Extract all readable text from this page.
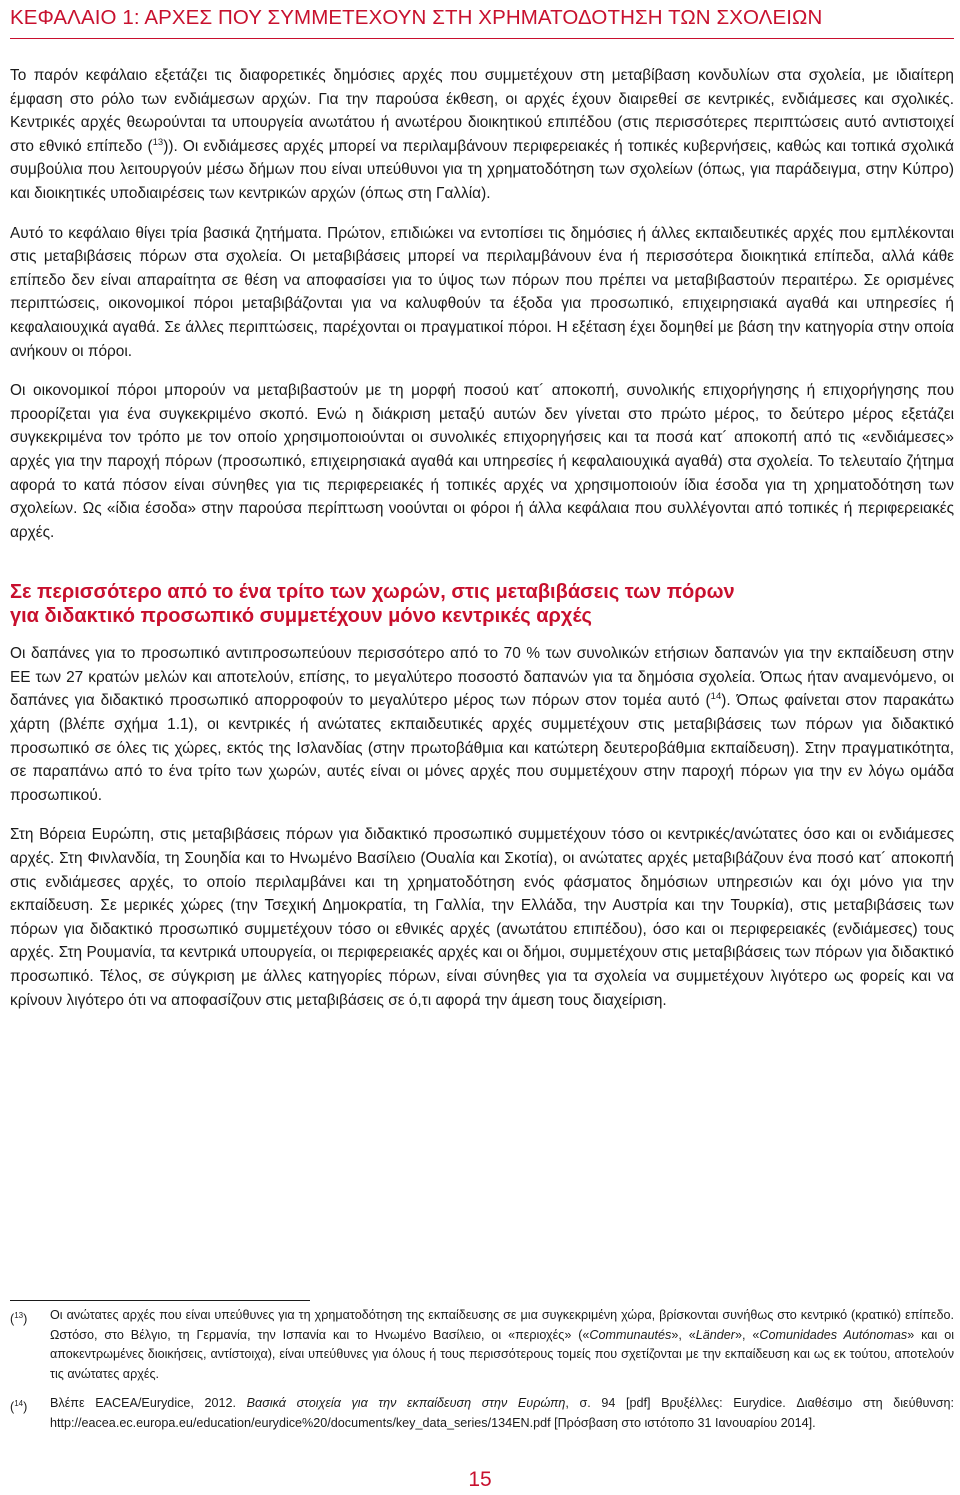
ΚΕΦΑΛΑΙΟ 1: ΑΡΧΕΣ ΠΟΥ ΣΥΜΜΕΤΕΧΟΥΝ ΣΤΗ ΧΡΗΜΑΤΟΔΟΤΗΣΗ ΤΩΝ ΣΧΟΛΕΙΩΝ

Το παρόν κεφάλαιο εξετάζει τις διαφορετικές δημόσιες αρχές που συμμετέχουν στη μεταβίβαση κονδυλίων στα σχολεία, με ιδιαίτερη έμφαση στο ρόλο των ενδιάμεσων αρχών. Για την παρούσα έκθεση, οι αρχές έχουν διαιρεθεί σε κεντρικές, ενδιάμεσες και σχολικές. Κεντρικές αρχές θεωρούνται τα υπουργεία ανωτάτου ή ανωτέρου διοικητικού επιπέδου (στις περισσότερες περιπτώσεις αυτό αντιστοιχεί στο εθνικό επίπεδο ($^{13}$)). Οι ενδιάμεσες αρχές μπορεί να περιλαμβάνουν περιφερειακές ή τοπικές κυβερνήσεις, καθώς και τοπικά σχολικά συμβούλια που λειτουργούν μέσω δήμων που είναι υπεύθυνοι για τη χρηματοδότηση των σχολείων (όπως, για παράδειγμα, στην Κύπρο) και διοικητικές υποδιαιρέσεις των κεντρικών αρχών (όπως στη Γαλλία).

Αυτό το κεφάλαιο θίγει τρία βασικά ζητήματα. Πρώτον, επιδιώκει να εντοπίσει τις δημόσιες ή άλλες εκπαιδευτικές αρχές που εμπλέκονται στις μεταβιβάσεις πόρων στα σχολεία. Οι μεταβιβάσεις μπορεί να περιλαμβάνουν ένα ή περισσότερα διοικητικά επίπεδα, αλλά κάθε επίπεδο δεν είναι απαραίτητα σε θέση να αποφασίσει για το ύψος των πόρων που πρέπει να μεταβιβαστούν περαιτέρω. Σε ορισμένες περιπτώσεις, οικονομικοί πόροι μεταβιβάζονται για να καλυφθούν τα έξοδα για προσωπικό, επιχειρησιακά αγαθά και υπηρεσίες ή κεφαλαιουχικά αγαθά. Σε άλλες περιπτώσεις, παρέχονται οι πραγματικοί πόροι. Η εξέταση έχει δομηθεί με βάση την κατηγορία στην οποία ανήκουν οι πόροι.

Οι οικονομικοί πόροι μπορούν να μεταβιβαστούν με τη μορφή ποσού κατ´ αποκοπή, συνολικής επιχορήγησης ή επιχορήγησης που προορίζεται για ένα συγκεκριμένο σκοπό. Ενώ η διάκριση μεταξύ αυτών δεν γίνεται στο πρώτο μέρος, το δεύτερο μέρος εξετάζει συγκεκριμένα τον τρόπο με τον οποίο χρησιμοποιούνται οι συνολικές επιχορηγήσεις και τα ποσά κατ´ αποκοπή από τις «ενδιάμεσες» αρχές για την παροχή πόρων (προσωπικό, επιχειρησιακά αγαθά και υπηρεσίες ή κεφαλαιουχικά αγαθά) στα σχολεία. Το τελευταίο ζήτημα αφορά το κατά πόσον είναι σύνηθες για τις περιφερειακές ή τοπικές αρχές να χρησιμοποιούν ίδια έσοδα για τη χρηματοδότηση των σχολείων. Ως «ίδια έσοδα» στην παρούσα περίπτωση νοούνται οι φόροι ή άλλα κεφάλαια που συλλέγονται από τοπικές ή περιφερειακές αρχές.

Σε περισσότερο από το ένα τρίτο των χωρών, στις μεταβιβάσεις των πόρων
για διδακτικό προσωπικό συμμετέχουν μόνο κεντρικές αρχές

Οι δαπάνες για το προσωπικό αντιπροσωπεύουν περισσότερο από το 70 % των συνολικών ετήσιων δαπανών για την εκπαίδευση στην ΕΕ των 27 κρατών μελών και αποτελούν, επίσης, το μεγαλύτερο ποσοστό δαπανών για τα δημόσια σχολεία. Όπως ήταν αναμενόμενο, οι δαπάνες για διδακτικό προσωπικό απορροφούν το μεγαλύτερο μέρος των πόρων στον τομέα αυτό ($^{14}$). Όπως φαίνεται στον παρακάτω χάρτη (βλέπε σχήμα 1.1), οι κεντρικές ή ανώτατες εκπαιδευτικές αρχές συμμετέχουν στις μεταβιβάσεις των πόρων για διδακτικό προσωπικό σε όλες τις χώρες, εκτός της Ισλανδίας (στην πρωτοβάθμια και κατώτερη δευτεροβάθμια εκπαίδευση). Στην πραγματικότητα, σε παραπάνω από το ένα τρίτο των χωρών, αυτές είναι οι μόνες αρχές που συμμετέχουν στην παροχή πόρων για την εν λόγω ομάδα προσωπικού.

Στη Βόρεια Ευρώπη, στις μεταβιβάσεις πόρων για διδακτικό προσωπικό συμμετέχουν τόσο οι κεντρικές/ανώτατες όσο και οι ενδιάμεσες αρχές. Στη Φινλανδία, τη Σουηδία και το Ηνωμένο Βασίλειο (Ουαλία και Σκοτία), οι ανώτατες αρχές μεταβιβάζουν ένα ποσό κατ´ αποκοπή στις ενδιάμεσες αρχές, το οποίο περιλαμβάνει και τη χρηματοδότηση ενός φάσματος δημόσιων υπηρεσιών και όχι μόνο για την εκπαίδευση. Σε μερικές χώρες (την Τσεχική Δημοκρατία, τη Γαλλία, την Ελλάδα, την Αυστρία και την Τουρκία), στις μεταβιβάσεις των πόρων για διδακτικό προσωπικό συμμετέχουν τόσο οι εθνικές αρχές (ανωτάτου επιπέδου), όσο και οι περιφερειακές (ενδιάμεσες) τους αρχές. Στη Ρουμανία, τα κεντρικά υπουργεία, οι περιφερειακές αρχές και οι δήμοι, συμμετέχουν στις μεταβιβάσεις των πόρων για διδακτικό προσωπικό. Τέλος, σε σύγκριση με άλλες κατηγορίες πόρων, είναι σύνηθες για τα σχολεία να συμμετέχουν λιγότερο ως φορείς και να κρίνουν λιγότερο ότι να αποφασίζουν στις μεταβιβάσεις σε ό,τι αφορά την άμεση τους διαχείριση.

($^{13}$)	Οι ανώτατες αρχές που είναι υπεύθυνες για τη χρηματοδότηση της εκπαίδευσης σε μια συγκεκριμένη χώρα, βρίσκονται συνήθως στο κεντρικό (κρατικό) επίπεδο. Ωστόσο, στο Βέλγιο, τη Γερμανία, την Ισπανία και το Ηνωμένο Βασίλειο, οι «περιοχές» («Communautés», «Länder», «Comunidades Autónomas» και οι αποκεντρωμένες διοικήσεις, αντίστοιχα), είναι υπεύθυνες για όλους ή τους περισσότερους τομείς που σχετίζονται με την εκπαίδευση και ως εκ τούτου, αποτελούν τις ανώτατες αρχές.
($^{14}$)	Βλέπε EACEA/Eurydice, 2012. Βασικά στοιχεία για την εκπαίδευση στην Ευρώπη, σ. 94 [pdf] Βρυξέλλες: Eurydice. Διαθέσιμο στη διεύθυνση: http://eacea.ec.europa.eu/education/eurydice%20/documents/key_data_series/134EN.pdf [Πρόσβαση στο ιστότοπο 31 Ιανουαρίου 2014].
15
